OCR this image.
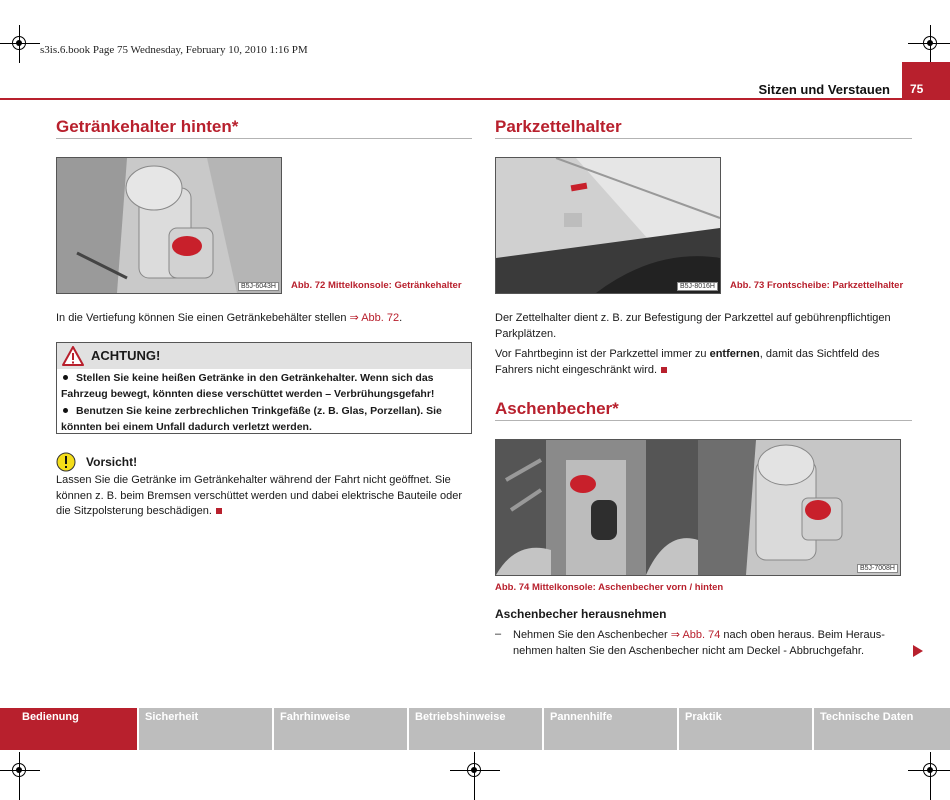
s3is.6.book Page 75 Wednesday, February 10, 2010 1:16 PM
Sitzen und Verstauen	75
Getränkehalter hinten*
B5J-6043H	Abb. 72 Mittelkonsole: Getränkehalter
In die Vertiefung können Sie einen Getränkebehälter stellen ⇒ Abb. 72.
ACHTUNG!
Stellen Sie keine heißen Getränke in den Getränkehalter. Wenn sich das Fahrzeug bewegt, könnten diese verschüttet werden – Verbrühungsgefahr!
Benutzen Sie keine zerbrechlichen Trinkgefäße (z. B. Glas, Porzellan). Sie könnten bei einem Unfall dadurch verletzt werden.
Vorsicht!
Lassen Sie die Getränke im Getränkehalter während der Fahrt nicht geöffnet. Sie können z. B. beim Bremsen verschüttet werden und dabei elektrische Bauteile oder die Sitzpolsterung beschädigen.
Parkzettelhalter
B5J-8016H	Abb. 73 Frontscheibe: Parkzettelhalter
Der Zettelhalter dient z. B. zur Befestigung der Parkzettel auf gebührenpflichtigen Parkplätzen.
Vor Fahrtbeginn ist der Parkzettel immer zu entfernen, damit das Sichtfeld des Fahrers nicht eingeschränkt wird.
Aschenbecher*
B5J-7008H
Abb. 74 Mittelkonsole: Aschenbecher vorn / hinten
Aschenbecher herausnehmen
– Nehmen Sie den Aschenbecher ⇒ Abb. 74 nach oben heraus. Beim Heraus-nehmen halten Sie den Aschenbecher nicht am Deckel - Abbruchgefahr.
Bedienung	Sicherheit	Fahrhinweise	Betriebshinweise	Pannenhilfe	Praktik	Technische Daten
